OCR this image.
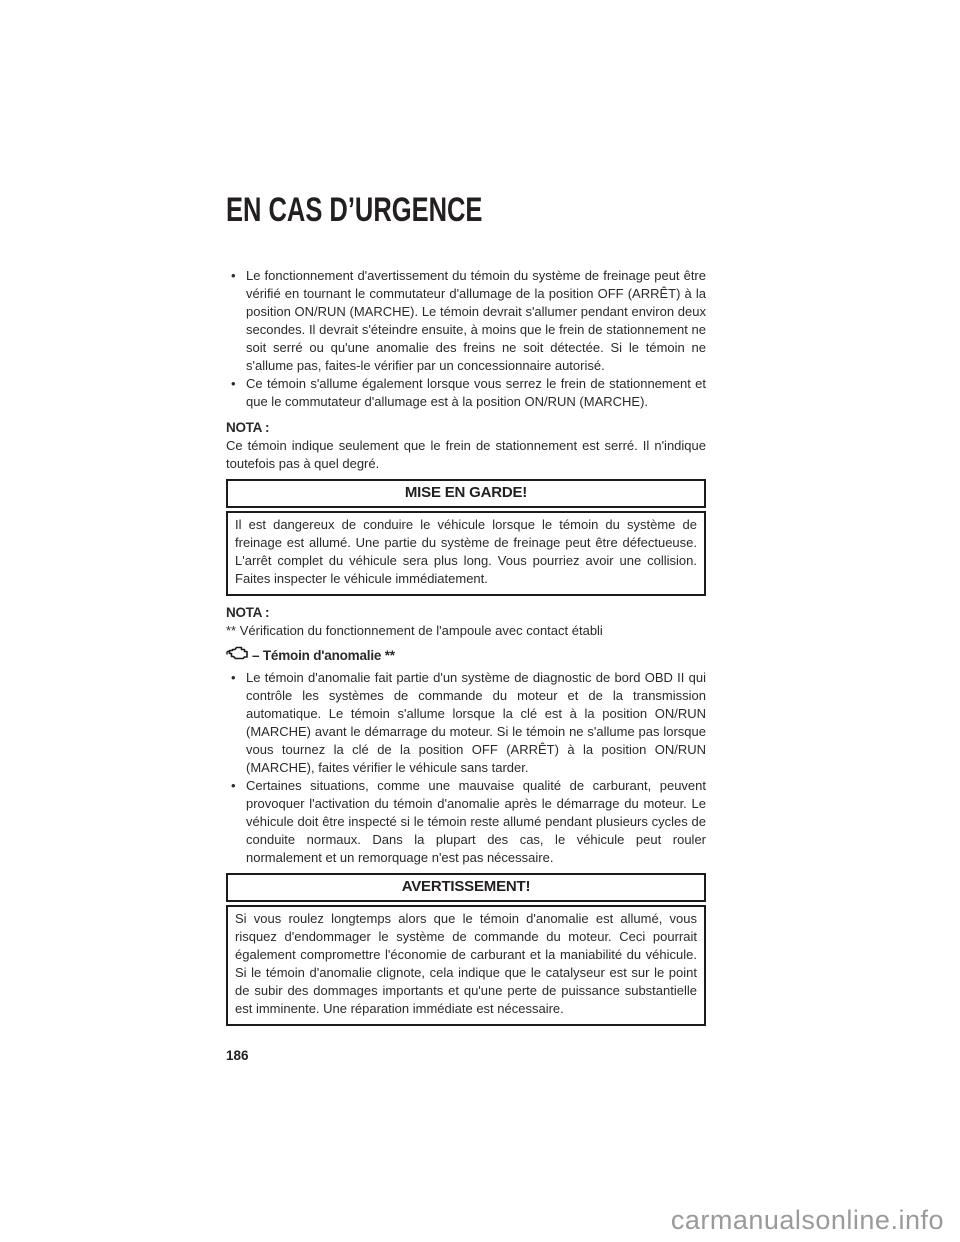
EN CAS D’URGENCE
• Le fonctionnement d'avertissement du témoin du système de freinage peut être vérifié en tournant le commutateur d'allumage de la position OFF (ARRÊT) à la position ON/RUN (MARCHE). Le témoin devrait s'allumer pendant environ deux secondes. Il devrait s'éteindre ensuite, à moins que le frein de stationnement ne soit serré ou qu'une anomalie des freins ne soit détectée. Si le témoin ne s'allume pas, faites-le vérifier par un concessionnaire autorisé.
• Ce témoin s'allume également lorsque vous serrez le frein de stationnement et que le commutateur d'allumage est à la position ON/RUN (MARCHE).
NOTA :
Ce témoin indique seulement que le frein de stationnement est serré. Il n'indique toutefois pas à quel degré.
MISE EN GARDE!
Il est dangereux de conduire le véhicule lorsque le témoin du système de freinage est allumé. Une partie du système de freinage peut être défectueuse. L'arrêt complet du véhicule sera plus long. Vous pourriez avoir une collision. Faites inspecter le véhicule immédiatement.
NOTA :
** Vérification du fonctionnement de l'ampoule avec contact établi
– Témoin d'anomalie **
• Le témoin d'anomalie fait partie d'un système de diagnostic de bord OBD II qui contrôle les systèmes de commande du moteur et de la transmission automatique. Le témoin s'allume lorsque la clé est à la position ON/RUN (MARCHE) avant le démarrage du moteur. Si le témoin ne s'allume pas lorsque vous tournez la clé de la position OFF (ARRÊT) à la position ON/RUN (MARCHE), faites vérifier le véhicule sans tarder.
• Certaines situations, comme une mauvaise qualité de carburant, peuvent provoquer l'activation du témoin d'anomalie après le démarrage du moteur. Le véhicule doit être inspecté si le témoin reste allumé pendant plusieurs cycles de conduite normaux. Dans la plupart des cas, le véhicule peut rouler normalement et un remorquage n'est pas nécessaire.
AVERTISSEMENT!
Si vous roulez longtemps alors que le témoin d'anomalie est allumé, vous risquez d'endommager le système de commande du moteur. Ceci pourrait également compromettre l'économie de carburant et la maniabilité du véhicule. Si le témoin d'anomalie clignote, cela indique que le catalyseur est sur le point de subir des dommages importants et qu'une perte de puissance substantielle est imminente. Une réparation immédiate est nécessaire.
186
carmanualsonline.info
